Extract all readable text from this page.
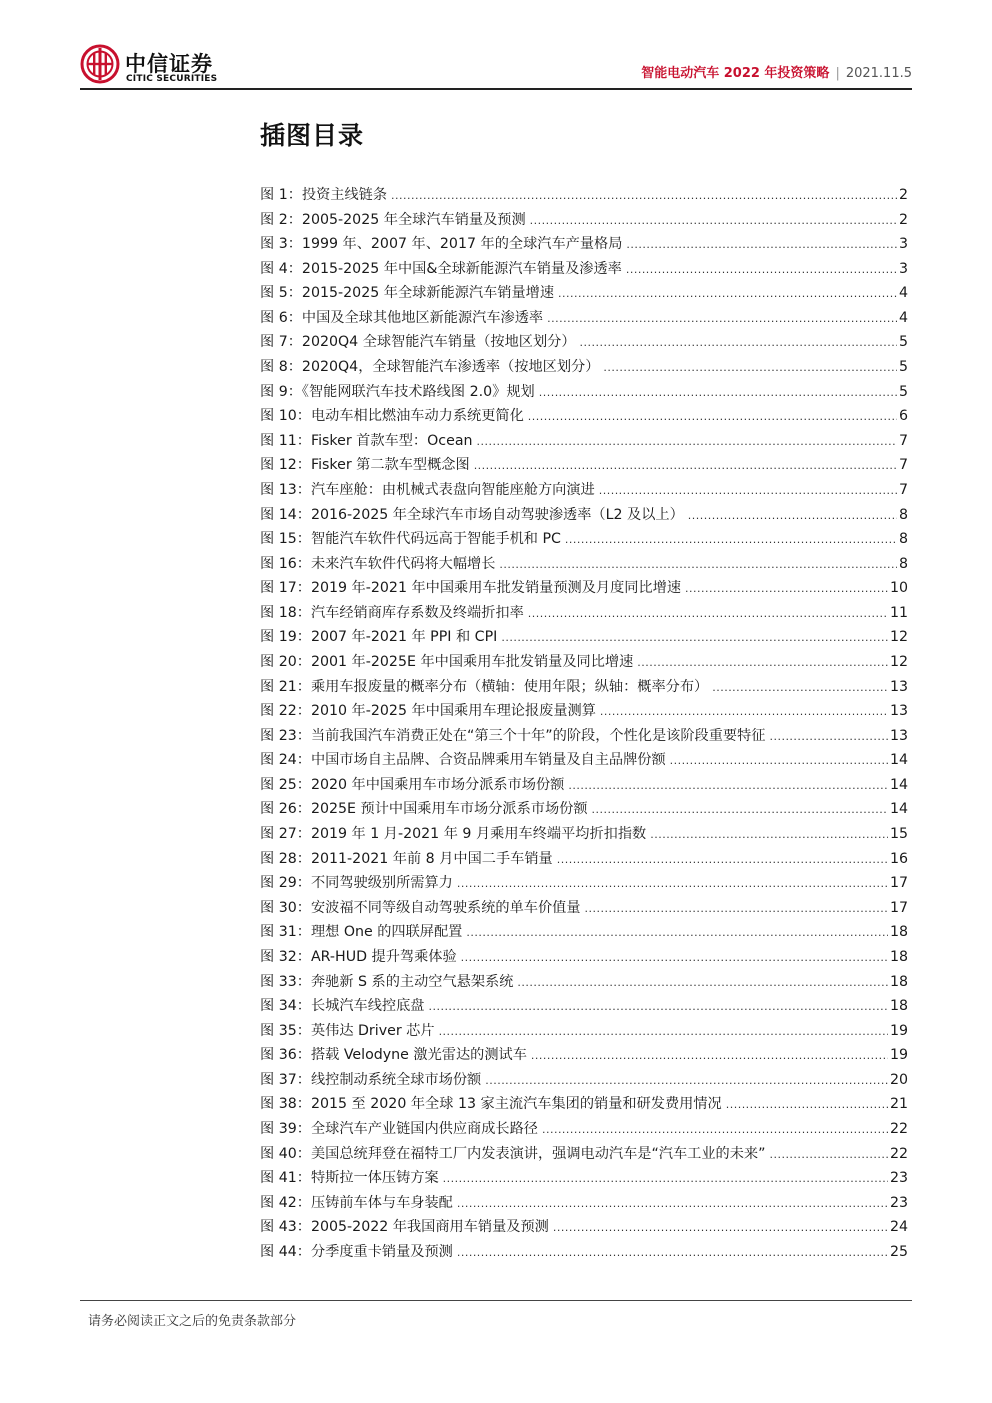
中信证券
CITIC SECURITIES	智能电动汽车 2022 年投资策略 | 2021.11.5
插图目录
图 1：投资主线链条 .....	2
图 2：2005-2025 年全球汽车销量及预测 .....	2
图 3：1999 年、2007 年、2017 年的全球汽车产量格局 .....	3
图 4：2015-2025 年中国&全球新能源汽车销量及渗透率 .....	3
图 5：2015-2025 年全球新能源汽车销量增速 .....	4
图 6：中国及全球其他地区新能源汽车渗透率 .....	4
图 7：2020Q4 全球智能汽车销量（按地区划分） .....	5
图 8：2020Q4，全球智能汽车渗透率（按地区划分） .....	5
图 9：《智能网联汽车技术路线图 2.0》规划 .....	5
图 10：电动车相比燃油车动力系统更简化 .....	6
图 11：Fisker 首款车型：Ocean .....	7
图 12：Fisker 第二款车型概念图 .....	7
图 13：汽车座舱：由机械式表盘向智能座舱方向演进 .....	7
图 14：2016-2025 年全球汽车市场自动驾驶渗透率（L2 及以上） .....	8
图 15：智能汽车软件代码远高于智能手机和 PC .....	8
图 16：未来汽车软件代码将大幅增长 .....	8
图 17：2019 年-2021 年中国乘用车批发销量预测及月度同比增速 .....	10
图 18：汽车经销商库存系数及终端折扣率 .....	11
图 19：2007 年-2021 年 PPI 和 CPI .....	12
图 20：2001 年-2025E 年中国乘用车批发销量及同比增速 .....	12
图 21：乘用车报废量的概率分布（横轴：使用年限；纵轴：概率分布） .....	13
图 22：2010 年-2025 年中国乘用车理论报废量测算 .....	13
图 23：当前我国汽车消费正处在“第三个十年”的阶段，个性化是该阶段重要特征 .....	13
图 24：中国市场自主品牌、合资品牌乘用车销量及自主品牌份额 .....	14
图 25：2020 年中国乘用车市场分派系市场份额 .....	14
图 26：2025E 预计中国乘用车市场分派系市场份额 .....	14
图 27：2019 年 1 月-2021 年 9 月乘用车终端平均折扣指数 .....	15
图 28：2011-2021 年前 8 月中国二手车销量 .....	16
图 29：不同驾驶级别所需算力 .....	17
图 30：安波福不同等级自动驾驶系统的单车价值量 .....	17
图 31：理想 One 的四联屏配置 .....	18
图 32：AR-HUD 提升驾乘体验 .....	18
图 33：奔驰新 S 系的主动空气悬架系统 .....	18
图 34：长城汽车线控底盘 .....	18
图 35：英伟达 Driver 芯片 .....	19
图 36：搭载 Velodyne 激光雷达的测试车 .....	19
图 37：线控制动系统全球市场份额 .....	20
图 38：2015 至 2020 年全球 13 家主流汽车集团的销量和研发费用情况 .....	21
图 39：全球汽车产业链国内供应商成长路径 .....	22
图 40：美国总统拜登在福特工厂内发表演讲，强调电动汽车是“汽车工业的未来” .....	22
图 41：特斯拉一体压铸方案 .....	23
图 42：压铸前车体与车身装配 .....	23
图 43：2005-2022 年我国商用车销量及预测 .....	24
图 44：分季度重卡销量及预测 .....	25
请务必阅读正文之后的免责条款部分
